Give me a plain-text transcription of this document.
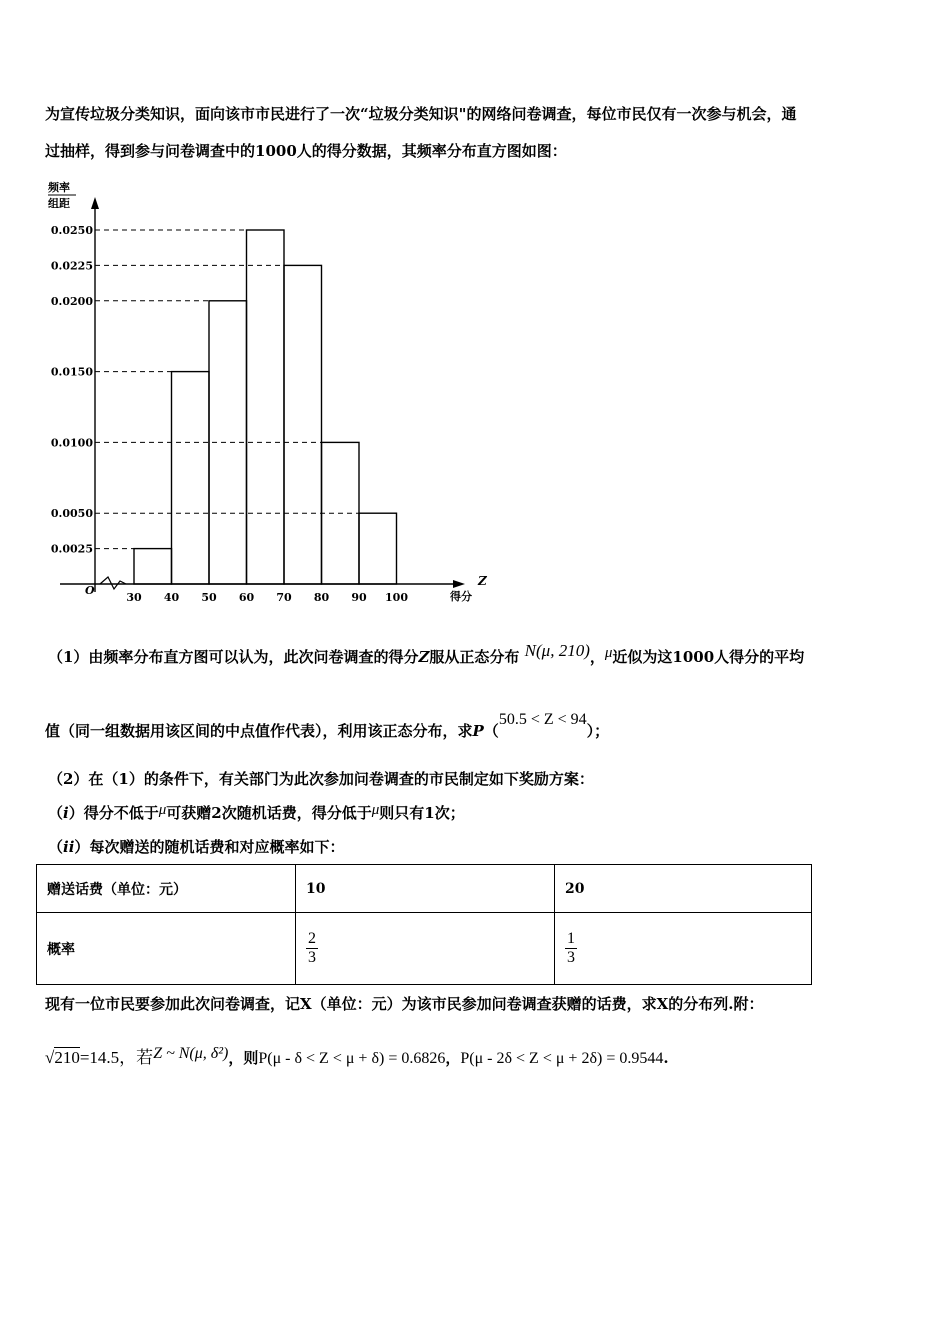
为宣传垃圾分类知识，面向该市市民进行了一次“垃圾分类知识"的网络问卷调查，每位市民仅有一次参与机会，通
过抽样，得到参与问卷调查中的1000人的得分数据，其频率分布直方图如图：
频率
组距
Z
得分
O
0.0025
0.0050
0.0100
0.0150
0.0200
0.0225
0.0250
30 40 50 60 70 80 90 100
（1）由频率分布直方图可以认为，此次问卷调查的得分Z服从正态分布 N(μ, 210)，μ近似为这1000人得分的平均
值（同一组数据用该区间的中点值作代表），利用该正态分布，求P（50.5 < Z < 94）；
（2）在（1）的条件下，有关部门为此次参加问卷调查的市民制定如下奖励方案：
（i）得分不低于μ可获赠2次随机话费，得分低于μ则只有1次；
（ii）每次赠送的随机话费和对应概率如下：
赠送话费（单位：元）	10	20
概率	$\frac{2}{3}$	$\frac{1}{3}$
现有一位市民要参加此次问卷调查，记X（单位：元）为该市民参加问卷调查获赠的话费，求X的分布列.附：
√210=14.5，若Z ~ N(μ, δ²)，则P(μ - δ < Z < μ + δ) = 0.6826，P(μ - 2δ < Z < μ + 2δ) = 0.9544.
